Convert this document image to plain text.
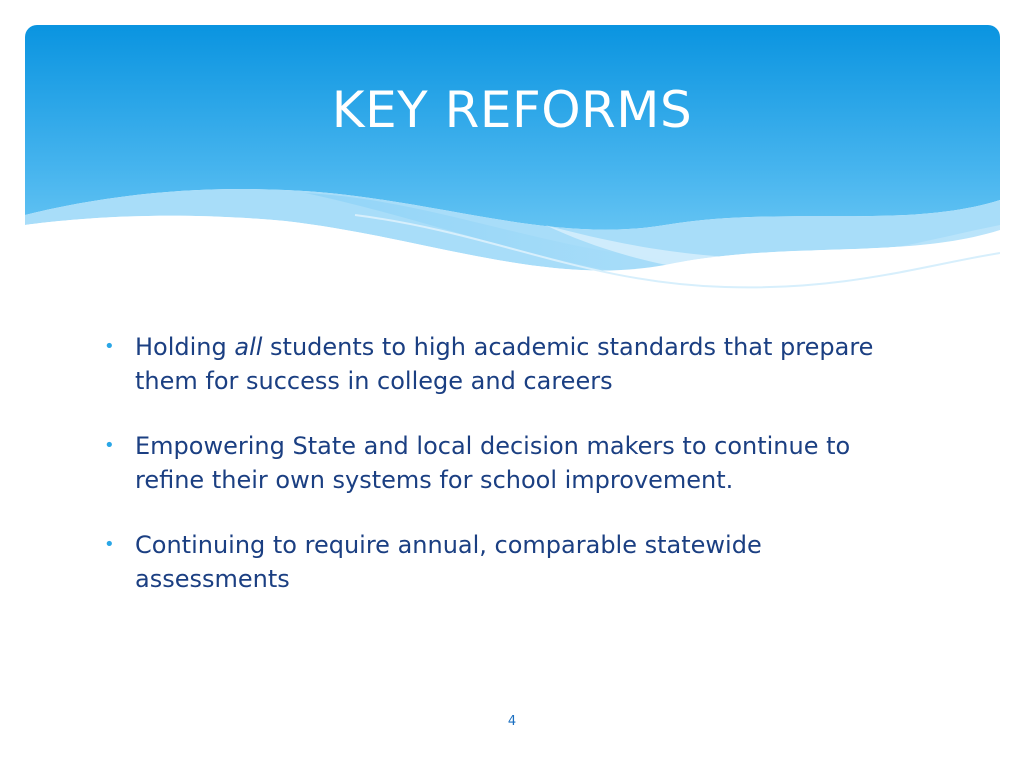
KEY REFORMS
• Holding all students to high academic standards that prepare them for success in college and careers
• Empowering State and local decision makers to continue to refine their own systems for school improvement.
• Continuing to require annual, comparable statewide assessments
4
